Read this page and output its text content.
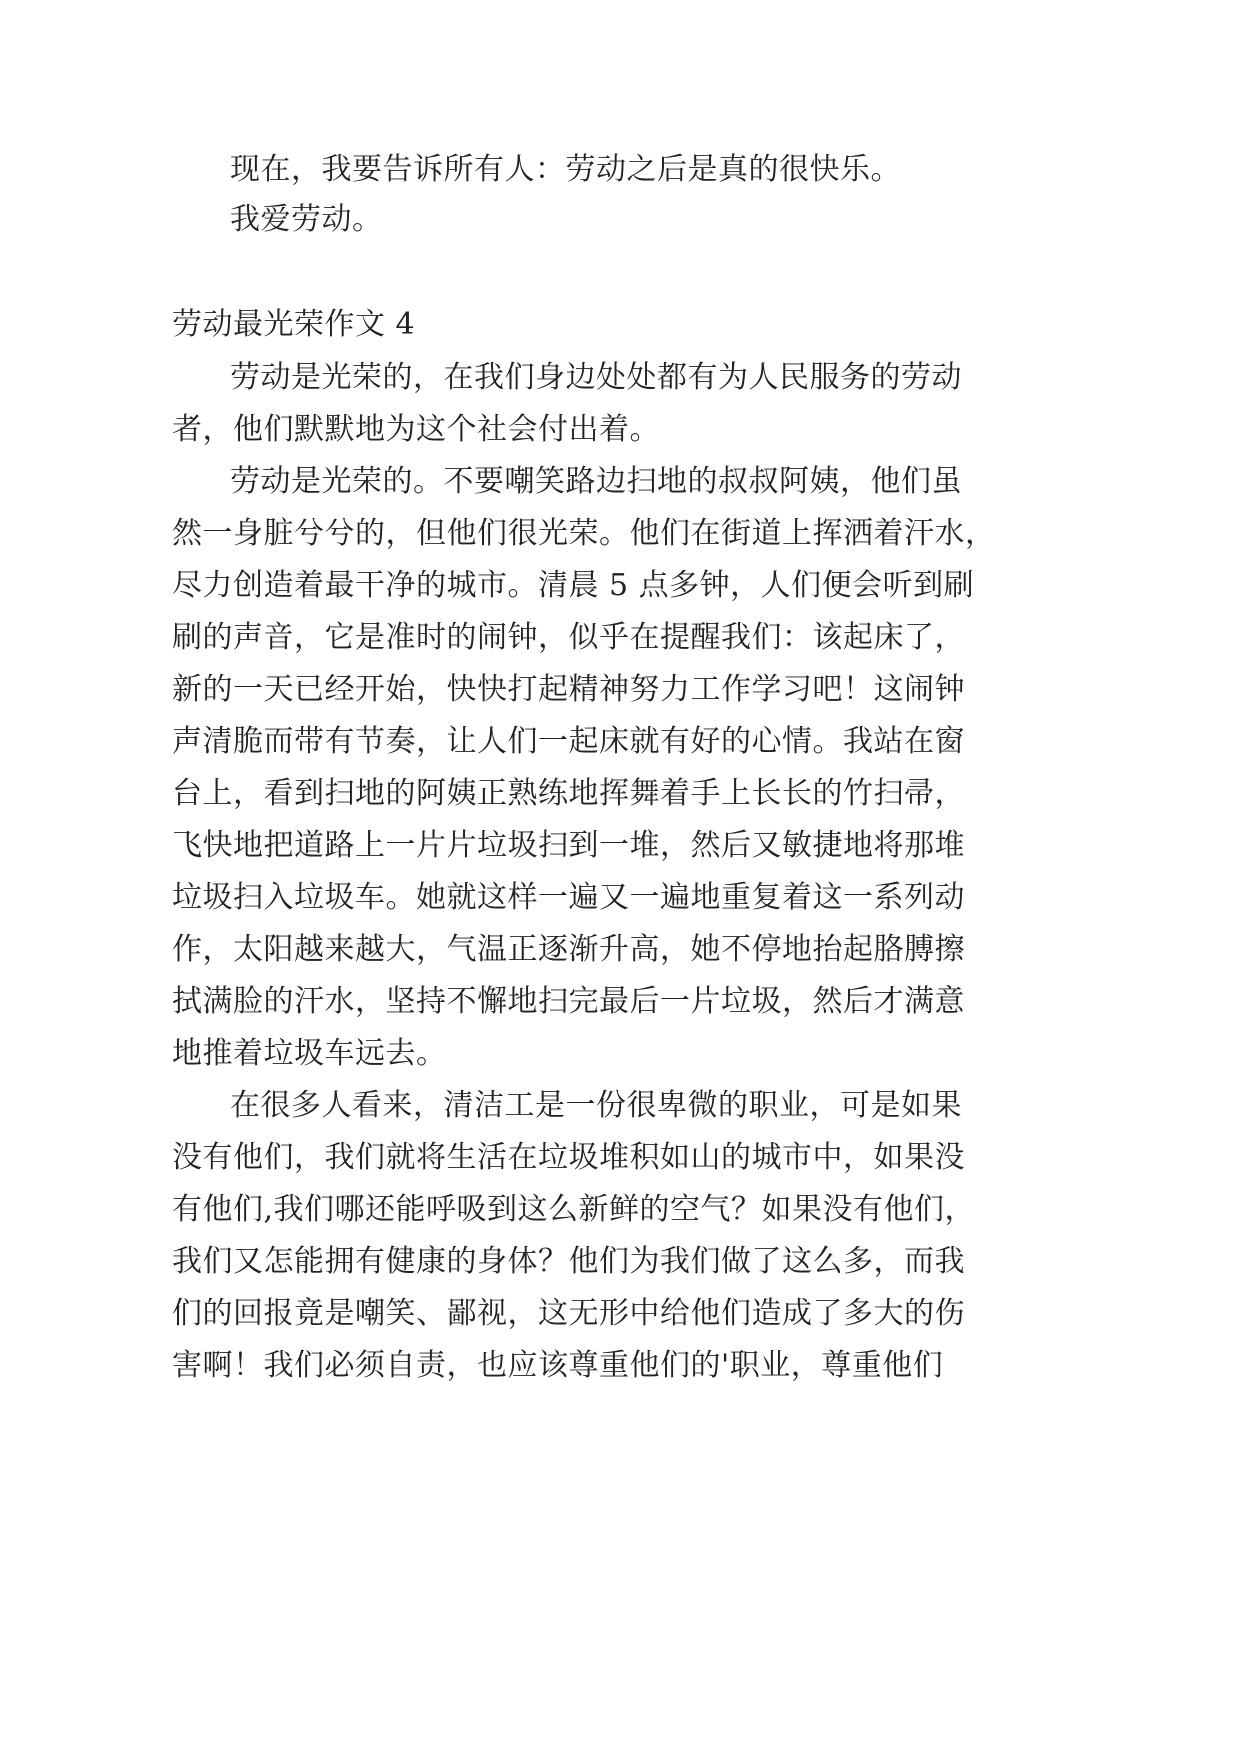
现在，我要告诉所有人：劳动之后是真的很快乐。
我爱劳动。
劳动最光荣作文 4
劳动是光荣的，在我们身边处处都有为人民服务的劳动
者，他们默默地为这个社会付出着。
劳动是光荣的。不要嘲笑路边扫地的叔叔阿姨，他们虽
然一身脏兮兮的，但他们很光荣。他们在街道上挥洒着汗水，
尽力创造着最干净的城市。清晨 5 点多钟，人们便会听到刷
刷的声音，它是准时的闹钟，似乎在提醒我们：该起床了，
新的一天已经开始，快快打起精神努力工作学习吧！这闹钟
声清脆而带有节奏，让人们一起床就有好的心情。我站在窗
台上，看到扫地的阿姨正熟练地挥舞着手上长长的竹扫帚，
飞快地把道路上一片片垃圾扫到一堆，然后又敏捷地将那堆
垃圾扫入垃圾车。她就这样一遍又一遍地重复着这一系列动
作，太阳越来越大，气温正逐渐升高，她不停地抬起胳膊擦
拭满脸的汗水，坚持不懈地扫完最后一片垃圾，然后才满意
地推着垃圾车远去。
在很多人看来，清洁工是一份很卑微的职业，可是如果
没有他们，我们就将生活在垃圾堆积如山的城市中，如果没
有他们,我们哪还能呼吸到这么新鲜的空气？如果没有他们，
我们又怎能拥有健康的身体？他们为我们做了这么多，而我
们的回报竟是嘲笑、鄙视，这无形中给他们造成了多大的伤
害啊！我们必须自责，也应该尊重他们的'职业，尊重他们
